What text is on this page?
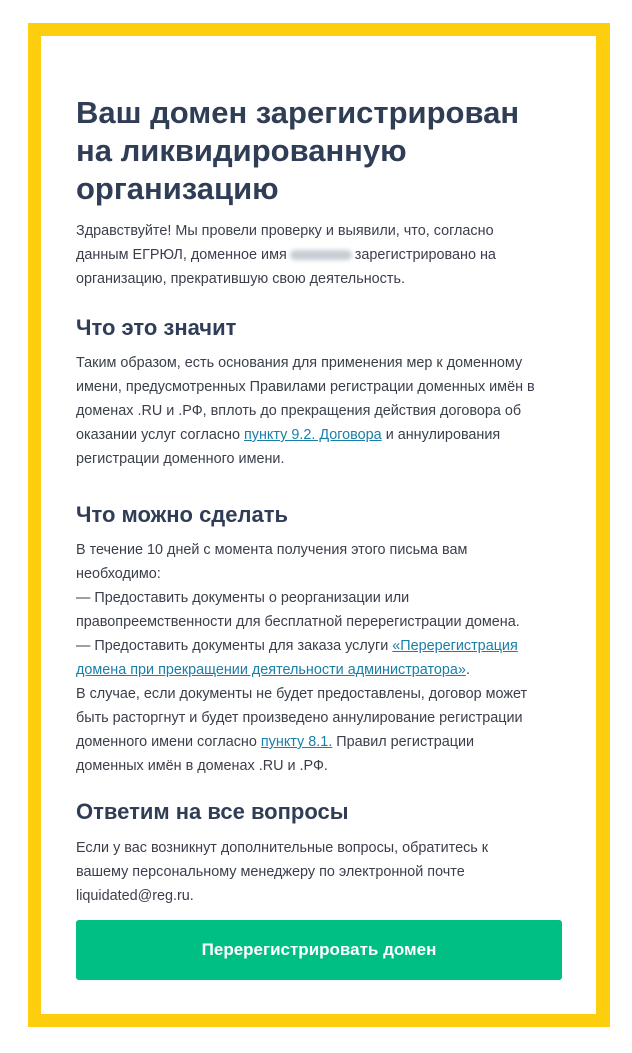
Ваш домен зарегистрирован
на ликвидированную
организацию
Здравствуйте! Мы провели проверку и выявили, что, согласно
данным ЕГРЮЛ, доменное имя	зарегистрировано на
организацию, прекратившую свою деятельность.
Что это значит
Таким образом, есть основания для применения мер к доменному
имени, предусмотренных Правилами регистрации доменных имён в
доменах .RU и .РФ, вплоть до прекращения действия договора об
оказании услуг согласно пункту 9.2. Договора и аннулирования
регистрации доменного имени.
Что можно сделать
В течение 10 дней с момента получения этого письма вам
необходимо:
— Предоставить документы о реорганизации или
правопреемственности для бесплатной перерегистрации домена.
— Предоставить документы для заказа услуги «Перерегистрация
домена при прекращении деятельности администратора».
В случае, если документы не будет предоставлены, договор может
быть расторгнут и будет произведено аннулирование регистрации
доменного имени согласно пункту 8.1. Правил регистрации
доменных имён в доменах .RU и .РФ.
Ответим на все вопросы
Если у вас возникнут дополнительные вопросы, обратитесь к
вашему персональному менеджеру по электронной почте
liquidated@reg.ru.
Перерегистрировать домен
